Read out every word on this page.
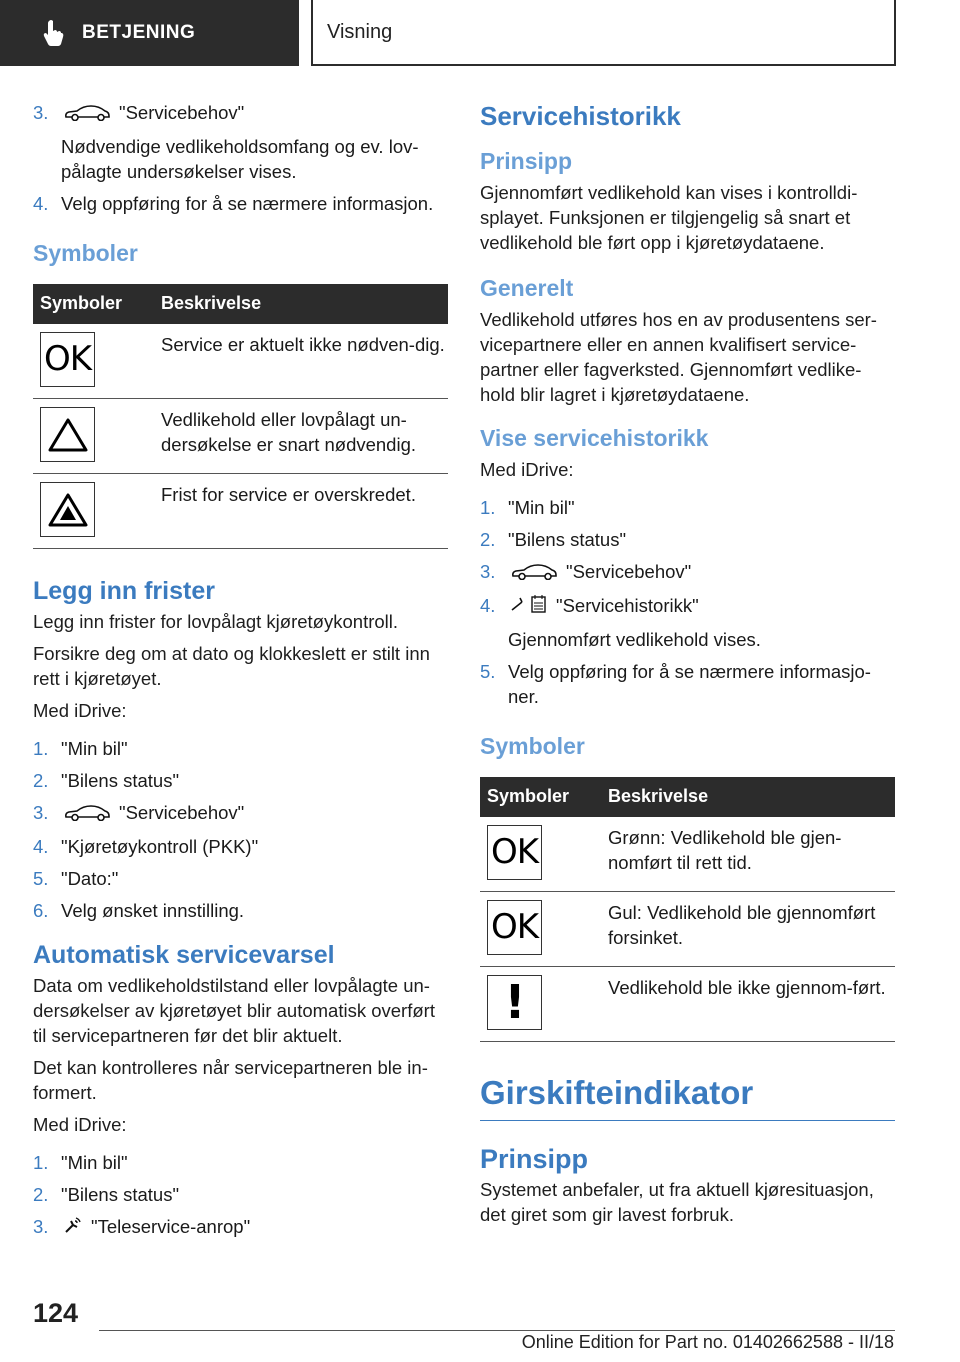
BETJENING	Visning
3.	"Servicebehov"
Nødvendige vedlikeholdsomfang og ev. lov-pålagte undersøkelser vises.
4. Velg oppføring for å se nærmere informasjon.
Symboler
Symboler	Beskrivelse

OK	Service er aktuelt ikke nødven-dig.

	Vedlikehold eller lovpålagt un-dersøkelse er snart nødvendig.

	Frist for service er overskredet.
Legg inn frister

Legg inn frister for lovpålagt kjøretøykontroll.

Forsikre deg om at dato og klokkeslett er stilt inn rett i kjøretøyet.

Med iDrive:

1. "Min bil"
2. "Bilens status"
3.	"Servicebehov"
4. "Kjøretøykontroll (PKK)"
5. "Dato:"
6. Velg ønsket innstilling.
Automatisk servicevarsel

Data om vedlikeholdstilstand eller lovpålagte un-dersøkelser av kjøretøyet blir automatisk overført til servicepartneren før det blir aktuelt.

Det kan kontrolleres når servicepartneren ble in-formert.

Med iDrive:

1. "Min bil"
2. "Bilens status"
3.	"Teleservice-anrop"
Servicehistorikk
Prinsipp

Gjennomført vedlikehold kan vises i kontrolldi-splayet. Funksjonen er tilgjengelig så snart et vedlikehold ble ført opp i kjøretøydataene.

Generelt

Vedlikehold utføres hos en av produsentens ser-vicepartnere eller en annen kvalifisert service-partner eller fagverksted. Gjennomført vedlike-hold blir lagret i kjøretøydataene.

Vise servicehistorikk

Med iDrive:

1. "Min bil"
2. "Bilens status"
3.	"Servicebehov"
4.	"Servicehistorikk"
Gjennomført vedlikehold vises.
5. Velg oppføring for å se nærmere informasjo-ner.
Symboler
Symboler	Beskrivelse

OK	Grønn: Vedlikehold ble gjen-nomført til rett tid.

OK	Gul: Vedlikehold ble gjennomført forsinket.

!	Vedlikehold ble ikke gjennom-ført.
Girskifteindikator
Prinsipp

Systemet anbefaler, ut fra aktuell kjøresituasjon, det giret som gir lavest forbruk.

124
Online Edition for Part no. 01402662588 - II/18
